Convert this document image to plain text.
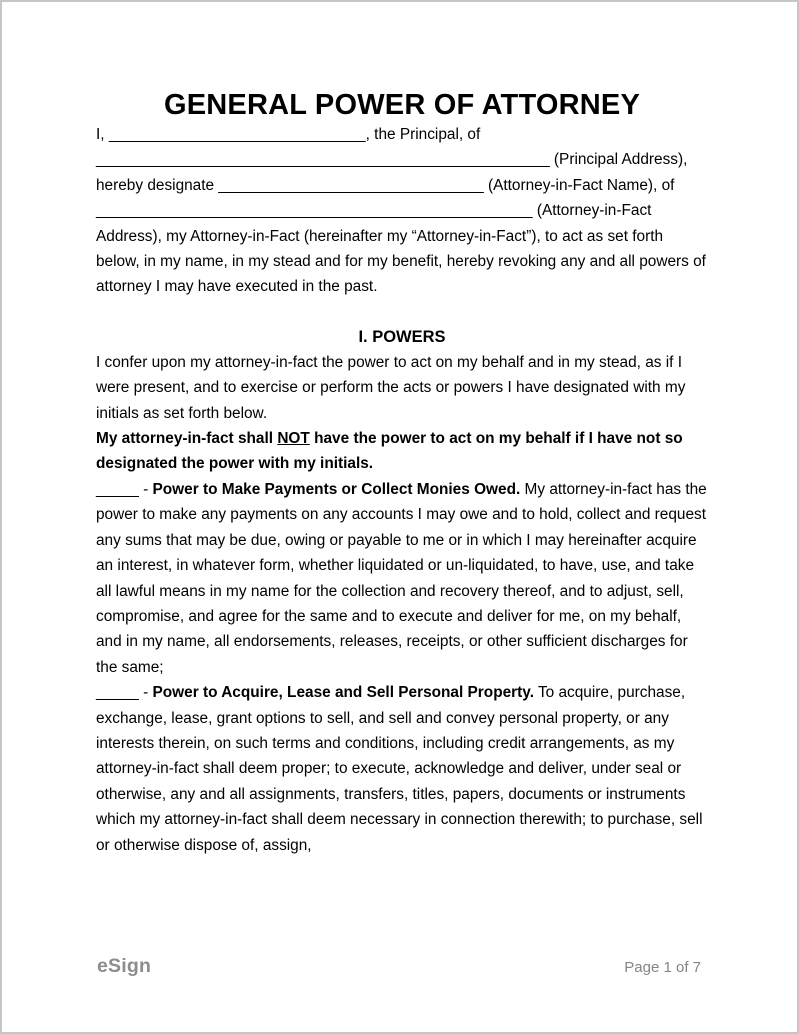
GENERAL POWER OF ATTORNEY

I, ______________________________, the Principal, of _____________________________________________________ (Principal Address), hereby designate _______________________________ (Attorney-in-Fact Name), of ___________________________________________________ (Attorney-in-Fact Address), my Attorney-in-Fact (hereinafter my “Attorney-in-Fact”), to act as set forth below, in my name, in my stead and for my benefit, hereby revoking any and all powers of attorney I may have executed in the past.

I. POWERS

I confer upon my attorney-in-fact the power to act on my behalf and in my stead, as if I were present, and to exercise or perform the acts or powers I have designated with my initials as set forth below.

My attorney-in-fact shall NOT have the power to act on my behalf if I have not so designated the power with my initials.

_____ - Power to Make Payments or Collect Monies Owed. My attorney-in-fact has the power to make any payments on any accounts I may owe and to hold, collect and request any sums that may be due, owing or payable to me or in which I may hereinafter acquire an interest, in whatever form, whether liquidated or un-liquidated, to have, use, and take all lawful means in my name for the collection and recovery thereof, and to adjust, sell, compromise, and agree for the same and to execute and deliver for me, on my behalf, and in my name, all endorsements, releases, receipts, or other sufficient discharges for the same;

_____ - Power to Acquire, Lease and Sell Personal Property. To acquire, purchase, exchange, lease, grant options to sell, and sell and convey personal property, or any interests therein, on such terms and conditions, including credit arrangements, as my attorney-in-fact shall deem proper; to execute, acknowledge and deliver, under seal or otherwise, any and all assignments, transfers, titles, papers, documents or instruments which my attorney-in-fact shall deem necessary in connection therewith; to purchase, sell or otherwise dispose of, assign,

eSign	Page 1 of 7
